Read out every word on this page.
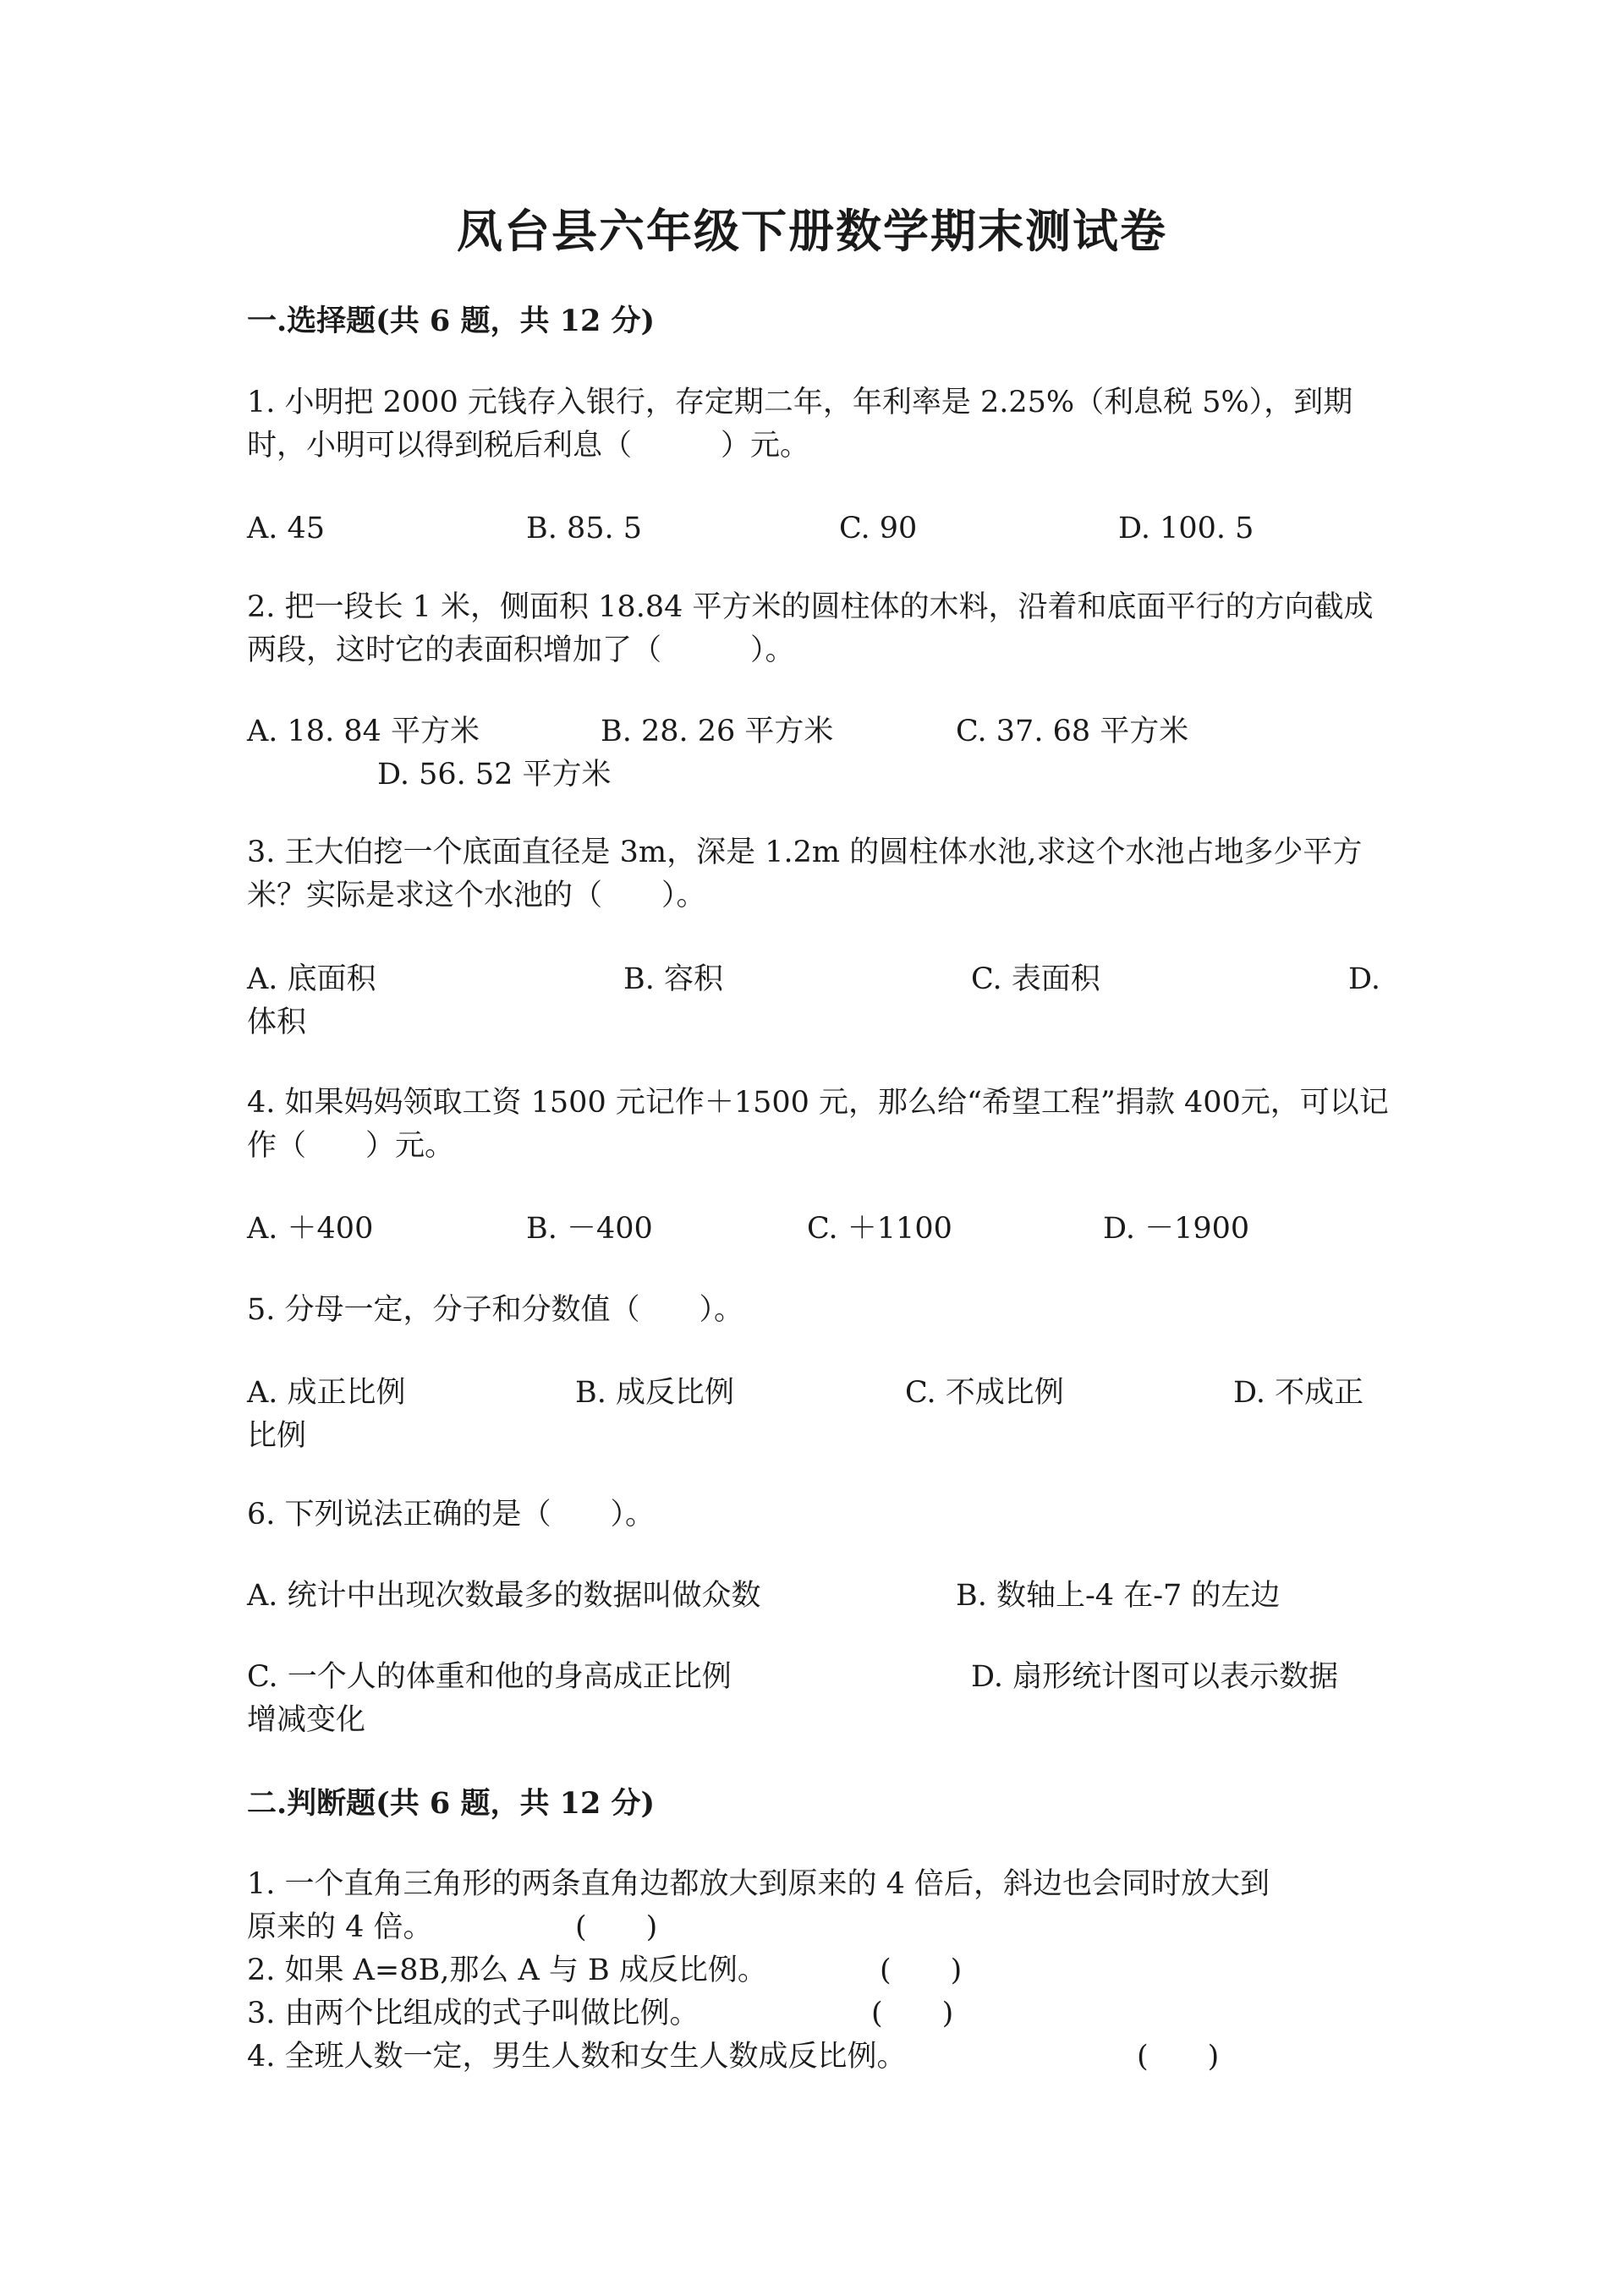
凤台县六年级下册数学期末测试卷
一.选择题(共 6 题，共 12 分)
1. 小明把 2000 元钱存入银行，存定期二年，年利率是 2.25%（利息税 5%），到期时，小明可以得到税后利息（　　　）元。
A. 45	B. 85. 5	C. 90	D. 100. 5
2. 把一段长 1 米，侧面积 18.84 平方米的圆柱体的木料，沿着和底面平行的方向截成两段，这时它的表面积增加了（　　　）。
A. 18. 84 平方米	B. 28. 26 平方米	C. 37. 68 平方米
D. 56. 52 平方米
3. 王大伯挖一个底面直径是 3m，深是 1.2m 的圆柱体水池,求这个水池占地多少平方米？实际是求这个水池的（　　）。
A. 底面积	B. 容积	C. 表面积	D.
体积
4. 如果妈妈领取工资 1500 元记作＋1500 元，那么给“希望工程”捐款 400元，可以记作（　　）元。
A. ＋400	B. －400	C. ＋1100	D. －1900
5. 分母一定，分子和分数值（　　）。
A. 成正比例	B. 成反比例	C. 不成比例	D. 不成正
比例
6. 下列说法正确的是（　　）。
A. 统计中出现次数最多的数据叫做众数	B. 数轴上-4 在-7 的左边
C. 一个人的体重和他的身高成正比例	D. 扇形统计图可以表示数据
增减变化
二.判断题(共 6 题，共 12 分)
1. 一个直角三角形的两条直角边都放大到原来的 4 倍后，斜边也会同时放大到
原来的 4 倍。	(　　)
2. 如果 A=8B,那么 A 与 B 成反比例。	(　　)
3. 由两个比组成的式子叫做比例。	(　　)
4. 全班人数一定，男生人数和女生人数成反比例。	(　　)
